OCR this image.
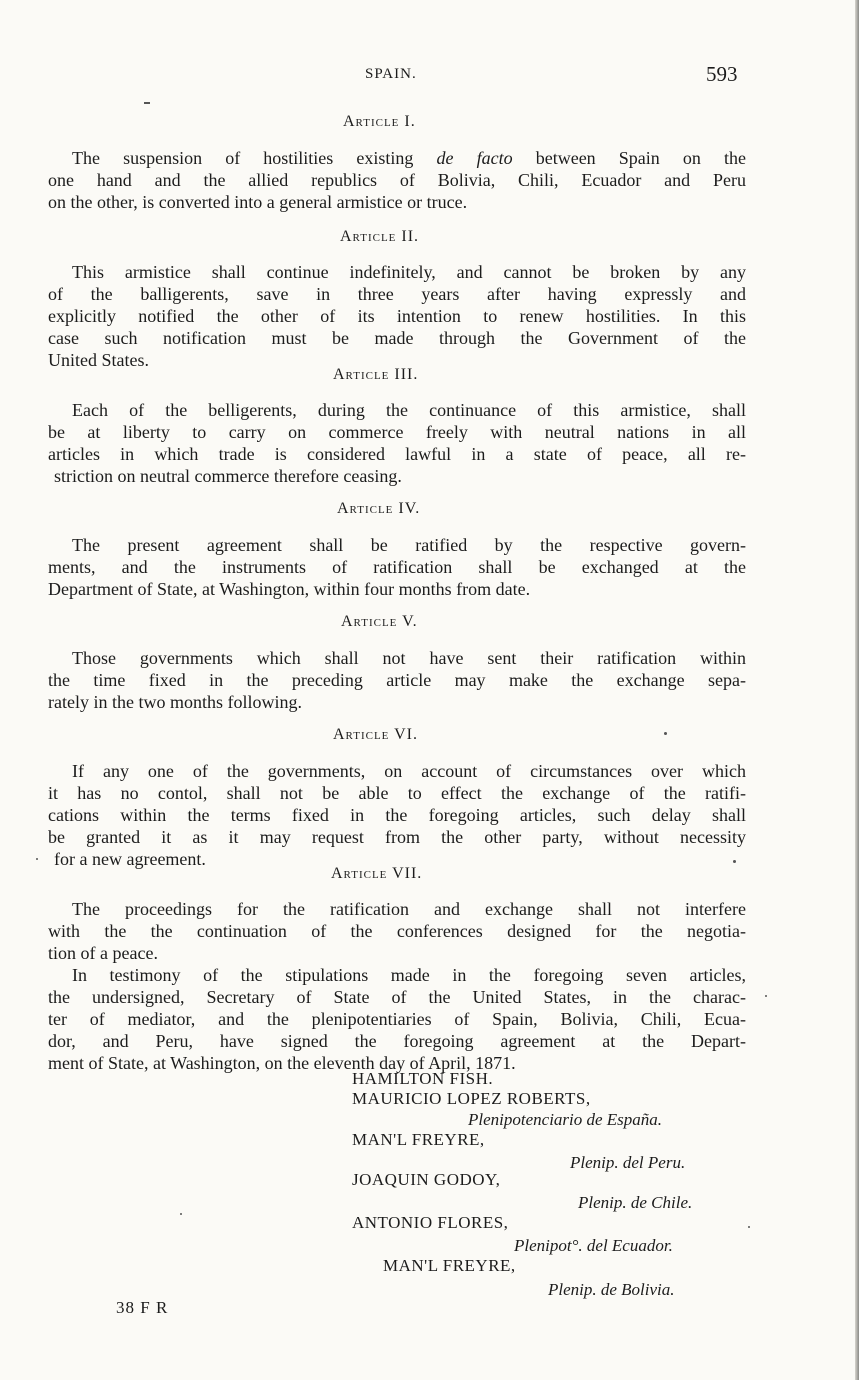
SPAIN.	593
Article I.
The suspension of hostilities existing de facto between Spain on the
one hand and the allied republics of Bolivia, Chili, Ecuador and Peru
on the other, is converted into a general armistice or truce.
Article II.
This armistice shall continue indefinitely, and cannot be broken by any
of the balligerents, save in three years after having expressly and
explicitly notified the other of its intention to renew hostilities. In this
case such notification must be made through the Government of the
United States.
Article III.
Each of the belligerents, during the continuance of this armistice, shall
be at liberty to carry on commerce freely with neutral nations in all
articles in which trade is considered lawful in a state of peace, all re-
striction on neutral commerce therefore ceasing.
Article IV.
The present agreement shall be ratified by the respective govern-
ments, and the instruments of ratification shall be exchanged at the
Department of State, at Washington, within four months from date.
Article V.
Those governments which shall not have sent their ratification within
the time fixed in the preceding article may make the exchange sepa-
rately in the two months following.
Article VI.
If any one of the governments, on account of circumstances over which
it has no contol, shall not be able to effect the exchange of the ratifi-
cations within the terms fixed in the foregoing articles, such delay shall
be granted it as it may request from the other party, without necessity
for a new agreement.
Article VII.
The proceedings for the ratification and exchange shall not interfere
with the the continuation of the conferences designed for the negotia-
tion of a peace.
In testimony of the stipulations made in the foregoing seven articles,
the undersigned, Secretary of State of the United States, in the charac-
ter of mediator, and the plenipotentiaries of Spain, Bolivia, Chili, Ecua-
dor, and Peru, have signed the foregoing agreement at the Depart-
ment of State, at Washington, on the eleventh day of April, 1871.
HAMILTON FISH.
MAURICIO LOPEZ ROBERTS,
Plenipotenciario de España.
MAN'L FREYRE,
Plenip. del Peru.
JOAQUIN GODOY,
Plenip. de Chile.
ANTONIO FLORES,
Plenipot°. del Ecuador.
MAN'L FREYRE,
Plenip. de Bolivia.
38 F R
